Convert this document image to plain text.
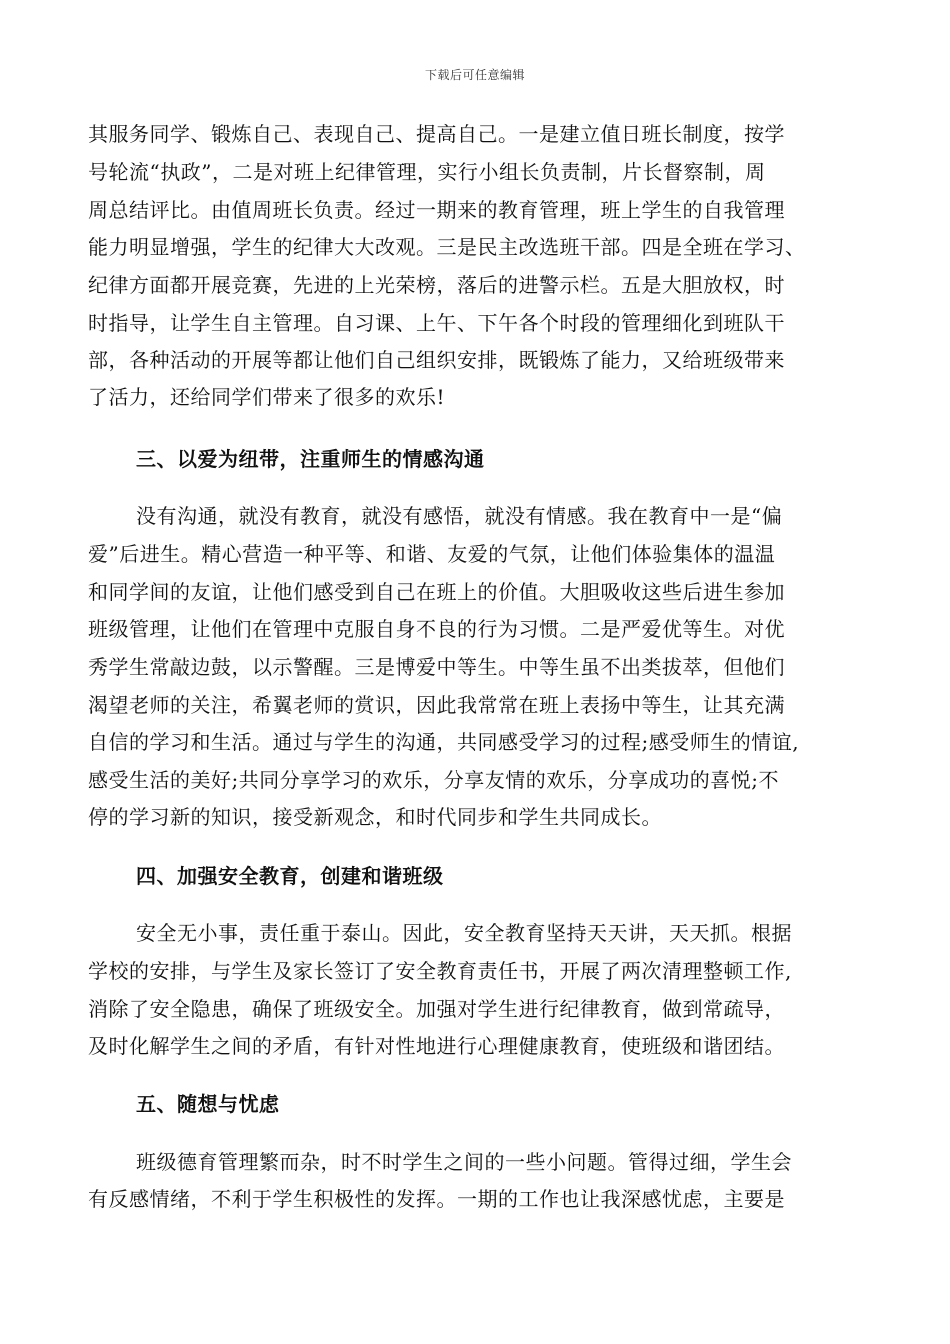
下载后可任意编辑
其服务同学、锻炼自己、表现自己、提高自己。一是建立值日班长制度，按学
号轮流“执政”，二是对班上纪律管理，实行小组长负责制，片长督察制，周
周总结评比。由值周班长负责。经过一期来的教育管理，班上学生的自我管理
能力明显增强，学生的纪律大大改观。三是民主改选班干部。四是全班在学习、
纪律方面都开展竞赛，先进的上光荣榜，落后的进警示栏。五是大胆放权，时
时指导，让学生自主管理。自习课、上午、下午各个时段的管理细化到班队干
部，各种活动的开展等都让他们自己组织安排，既锻炼了能力，又给班级带来
了活力，还给同学们带来了很多的欢乐!
三、以爱为纽带，注重师生的情感沟通
没有沟通，就没有教育，就没有感悟，就没有情感。我在教育中一是“偏
爱”后进生。精心营造一种平等、和谐、友爱的气氛，让他们体验集体的温温
和同学间的友谊，让他们感受到自己在班上的价值。大胆吸收这些后进生参加
班级管理，让他们在管理中克服自身不良的行为习惯。二是严爱优等生。对优
秀学生常敲边鼓，以示警醒。三是博爱中等生。中等生虽不出类拔萃，但他们
渴望老师的关注，希翼老师的赏识，因此我常常在班上表扬中等生，让其充满
自信的学习和生活。通过与学生的沟通，共同感受学习的过程;感受师生的情谊,
感受生活的美好;共同分享学习的欢乐，分享友情的欢乐，分享成功的喜悦;不
停的学习新的知识，接受新观念，和时代同步和学生共同成长。
四、加强安全教育，创建和谐班级
安全无小事，责任重于泰山。因此，安全教育坚持天天讲，天天抓。根据
学校的安排，与学生及家长签订了安全教育责任书，开展了两次清理整顿工作,
消除了安全隐患，确保了班级安全。加强对学生进行纪律教育，做到常疏导，
及时化解学生之间的矛盾，有针对性地进行心理健康教育，使班级和谐团结。
五、随想与忧虑
班级德育管理繁而杂，时不时学生之间的一些小问题。管得过细，学生会
有反感情绪，不利于学生积极性的发挥。一期的工作也让我深感忧虑，主要是
